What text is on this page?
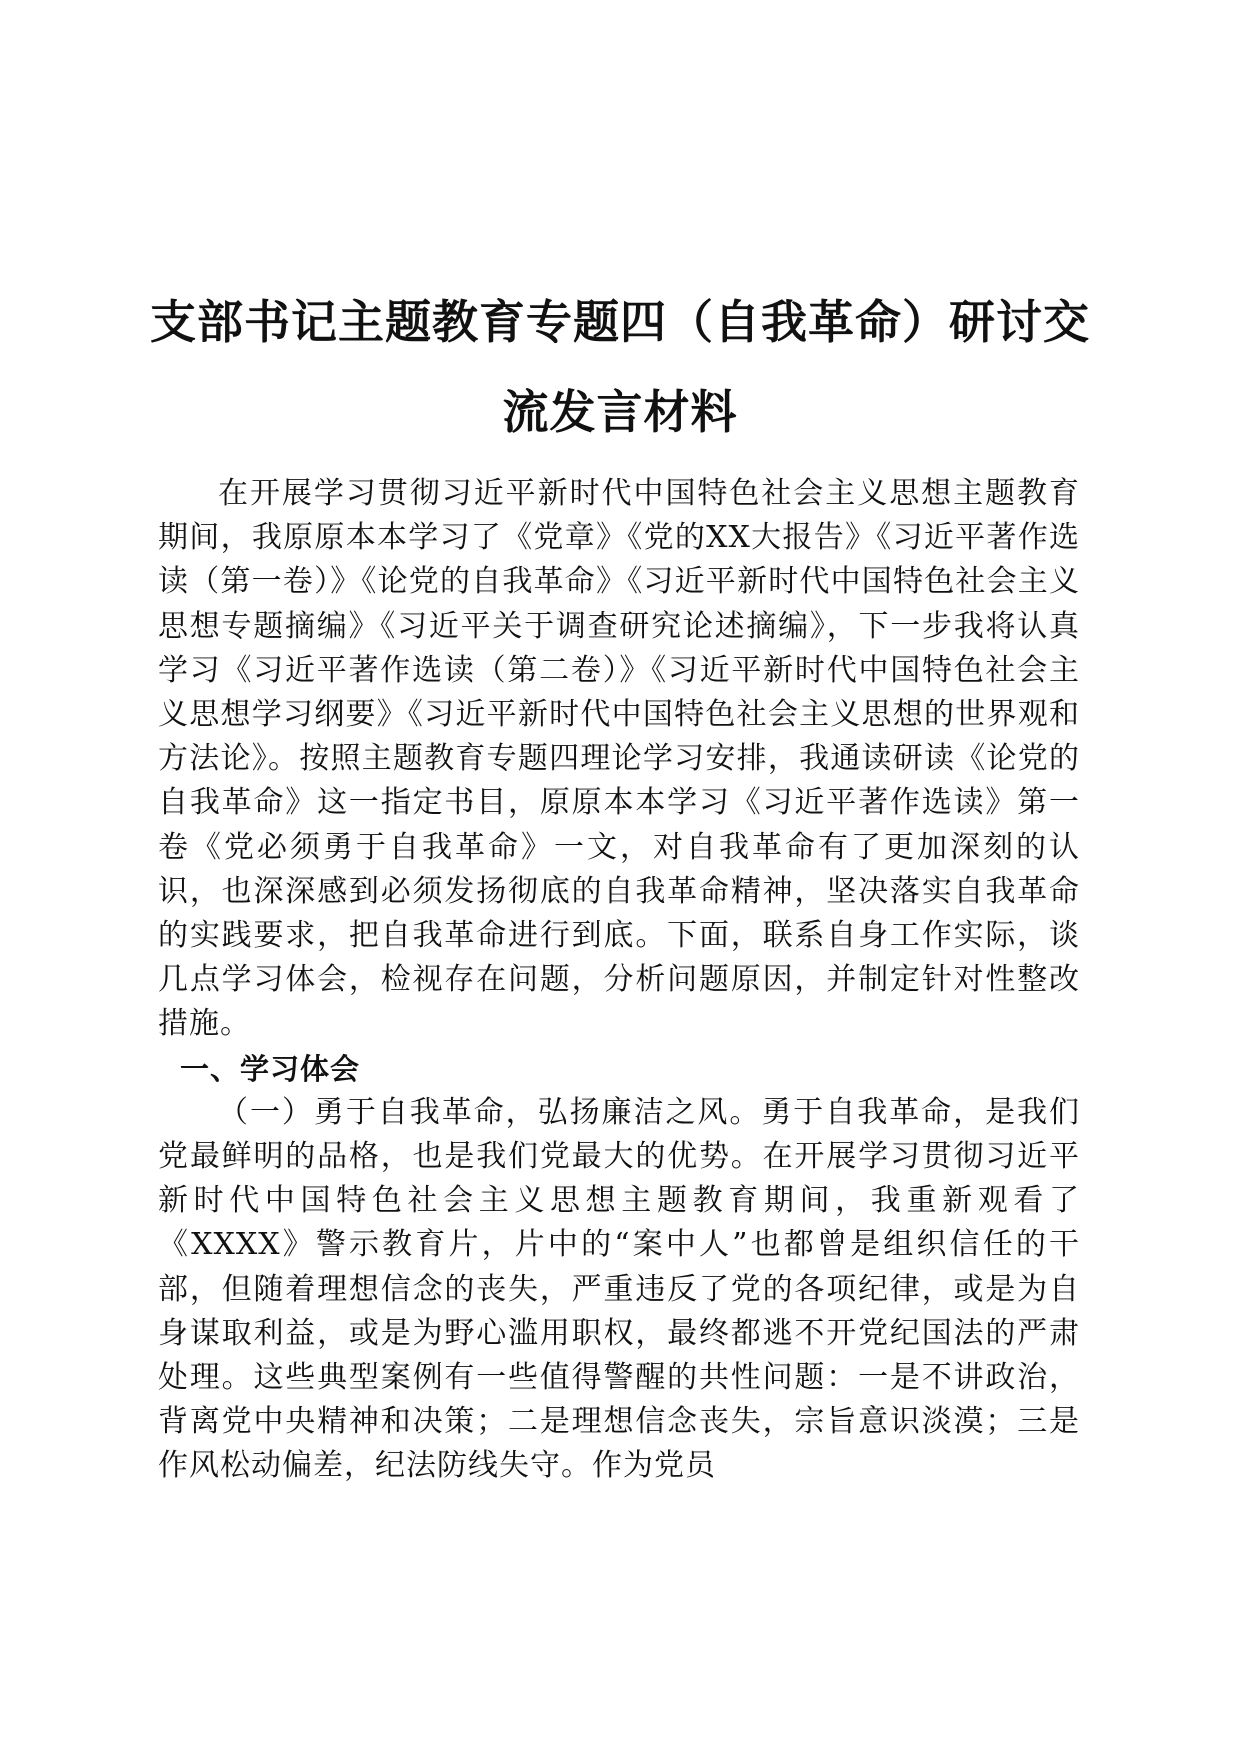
支部书记主题教育专题四（自我革命）研讨交
流发言材料

在开展学习贯彻习近平新时代中国特色社会主义思想主题教育期间，我原原本本学习了《党章》《党的XX大报告》《习近平著作选读（第一卷）》《论党的自我革命》《习近平新时代中国特色社会主义思想专题摘编》《习近平关于调查研究论述摘编》，下一步我将认真学习《习近平著作选读（第二卷）》《习近平新时代中国特色社会主义思想学习纲要》《习近平新时代中国特色社会主义思想的世界观和方法论》。按照主题教育专题四理论学习安排，我通读研读《论党的自我革命》这一指定书目，原原本本学习《习近平著作选读》第一卷《党必须勇于自我革命》一文，对自我革命有了更加深刻的认识，也深深感到必须发扬彻底的自我革命精神，坚决落实自我革命的实践要求，把自我革命进行到底。下面，联系自身工作实际，谈几点学习体会，检视存在问题，分析问题原因，并制定针对性整改措施。

一、学习体会

（一）勇于自我革命，弘扬廉洁之风。勇于自我革命，是我们党最鲜明的品格，也是我们党最大的优势。在开展学习贯彻习近平新时代中国特色社会主义思想主题教育期间，我重新观看了《XXXX》警示教育片，片中的“案中人”也都曾是组织信任的干部，但随着理想信念的丧失，严重违反了党的各项纪律，或是为自身谋取利益，或是为野心滥用职权，最终都逃不开党纪国法的严肃处理。这些典型案例有一些值得警醒的共性问题：一是不讲政治，背离党中央精神和决策；二是理想信念丧失，宗旨意识淡漠；三是作风松动偏差，纪法防线失守。作为党员
